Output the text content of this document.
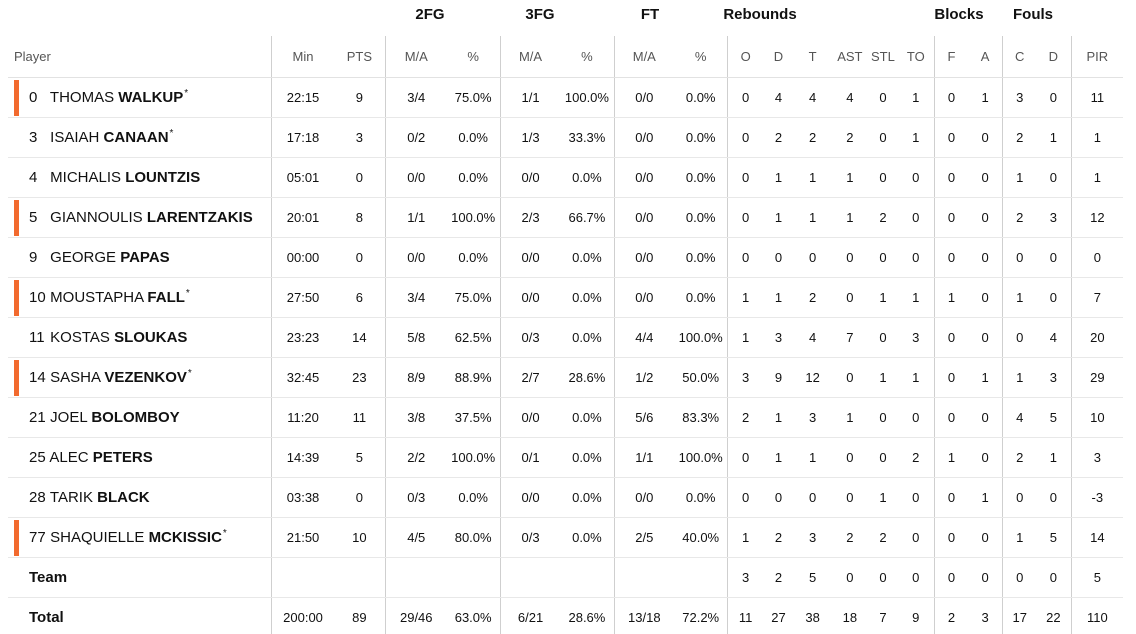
2FG	3FG	FT	Rebounds	Blocks	Fouls
Player	Min	PTS	M/A	%	M/A	%	M/A	%	O	D	T	AST	STL	TO	F	A	C	D	PIR

0 THOMAS WALKUP*	22:15	9	3/4	75.0%	1/1	100.0%	0/0	0.0%	0	4	4	4	0	1	0	1	3	0	11
3 ISAIAH CANAAN*	17:18	3	0/2	0.0%	1/3	33.3%	0/0	0.0%	0	2	2	2	0	1	0	0	2	1	1
4 MICHALIS LOUNTZIS	05:01	0	0/0	0.0%	0/0	0.0%	0/0	0.0%	0	1	1	1	0	0	0	0	1	0	1

5 GIANNOULIS LARENTZAKIS	20:01	8	1/1	100.0%	2/3	66.7%	0/0	0.0%	0	1	1	1	2	0	0	0	2	3	12
9 GEORGE PAPAS	00:00	0	0/0	0.0%	0/0	0.0%	0/0	0.0%	0	0	0	0	0	0	0	0	0	0	0

10 MOUSTAPHA FALL*	27:50	6	3/4	75.0%	0/0	0.0%	0/0	0.0%	1	1	2	0	1	1	1	0	1	0	7
11 KOSTAS SLOUKAS	23:23	14	5/8	62.5%	0/3	0.0%	4/4	100.0%	1	3	4	7	0	3	0	0	0	4	20

14 SASHA VEZENKOV*	32:45	23	8/9	88.9%	2/7	28.6%	1/2	50.0%	3	9	12	0	1	1	0	1	1	3	29
21 JOEL BOLOMBOY	11:20	11	3/8	37.5%	0/0	0.0%	5/6	83.3%	2	1	3	1	0	0	0	0	4	5	10
25 ALEC PETERS	14:39	5	2/2	100.0%	0/1	0.0%	1/1	100.0%	0	1	1	0	0	2	1	0	2	1	3
28 TARIK BLACK	03:38	0	0/3	0.0%	0/0	0.0%	0/0	0.0%	0	0	0	0	1	0	0	1	0	0	-3

77 SHAQUIELLE MCKISSIC*	21:50	10	4/5	80.0%	0/3	0.0%	2/5	40.0%	1	2	3	2	2	0	0	0	1	5	14
Team									3	2	5	0	0	0	0	0	0	0	5
Total	200:00	89	29/46	63.0%	6/21	28.6%	13/18	72.2%	11	27	38	18	7	9	2	3	17	22	110
